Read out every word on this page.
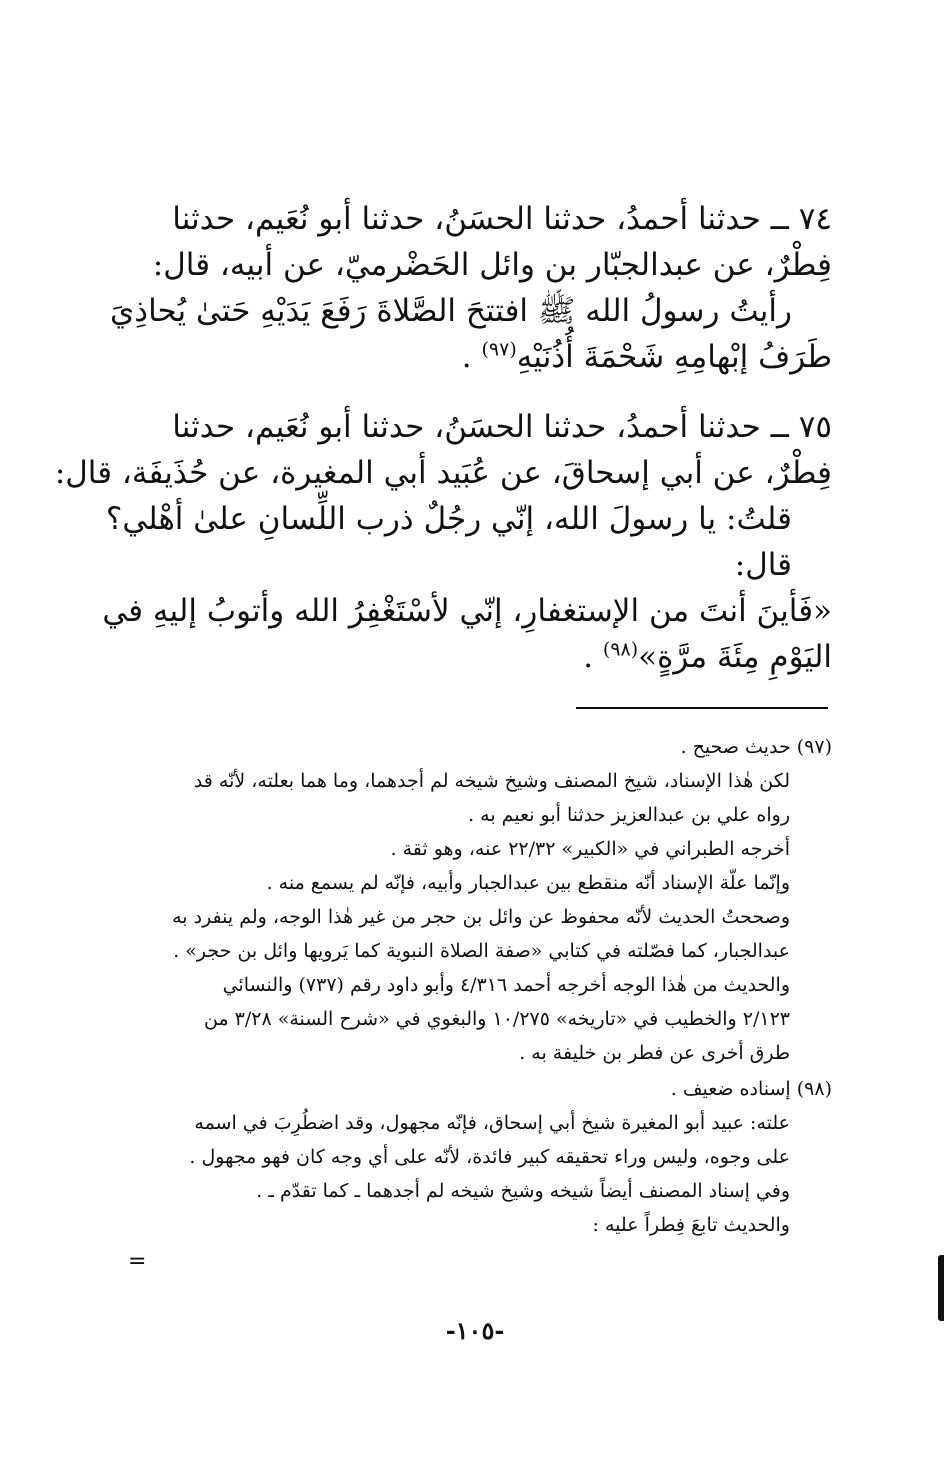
٧٤ ــ حدثنا أحمدُ، حدثنا الحسَنُ، حدثنا أبو نُعَيم، حدثنا
فِطْرٌ، عن عبدالجبّار بن وائل الحَضْرميّ، عن أبيه، قال:
رأيتُ رسولُ الله ﷺ افتتحَ الصَّلاةَ رَفَعَ يَدَيْهِ حَتىٰ يُحاذِيَ
طَرَفُ إبْهامِهِ شَحْمَةَ أُذُنَيْهِ$^{(٩٧)}$ .

٧٥ ــ حدثنا أحمدُ، حدثنا الحسَنُ، حدثنا أبو نُعَيم، حدثنا
فِطْرٌ، عن أبي إسحاقَ، عن عُبَيد أبي المغيرة، عن حُذَيفَة، قال:
قلتُ: يا رسولَ الله، إنّي رجُلٌ ذرب اللِّسانِ علىٰ أهْلي؟
قال:
«فَأينَ أنتَ من الإستغفارِ، إنّي لأسْتَغْفِرُ الله وأتوبُ إليهِ في
اليَوْمِ مِئَةَ مرَّةٍ»$^{(٩٨)}$ .

(٩٧) حديث صحيح .
لكن هٰذا الإسناد، شيخ المصنف وشيخ شيخه لم أجدهما، وما هما بعلته، لأنّه قد
رواه علي بن عبدالعزيز حدثنا أبو نعيم به .
أخرجه الطبراني في «الكبير» ٢٢/٣٢ عنه، وهو ثقة .
وإنّما علّة الإسناد أنّه منقطع بين عبدالجبار وأبيه، فإنّه لم يسمع منه .
وصححتُ الحديث لأنّه محفوظ عن وائل بن حجر من غير هٰذا الوجه، ولم ينفرد به
عبدالجبار، كما فصّلته في كتابي «صفة الصلاة النبوية كما يَرويها وائل بن حجر» .
والحديث من هٰذا الوجه أخرجه أحمد ٤/٣١٦ وأبو داود رقم (٧٣٧) والنسائي
٢/١٢٣ والخطيب في «تاريخه» ١٠/٢٧٥ والبغوي في «شرح السنة» ٣/٢٨ من
طرق أخرى عن فطر بن خليفة به .
(٩٨) إسناده ضعيف .
علته: عبيد أبو المغيرة شيخ أبي إسحاق، فإنّه مجهول، وقد اضطُرِبَ في اسمه
على وجوه، وليس وراء تحقيقه كبير فائدة، لأنّه على أي وجه كان فهو مجهول .
وفي إسناد المصنف أيضاً شيخه وشيخ شيخه لم أجدهما ـ كما تقدّم ـ .
والحديث تابعَ فِطراً عليه :
=
-١٠٥-
